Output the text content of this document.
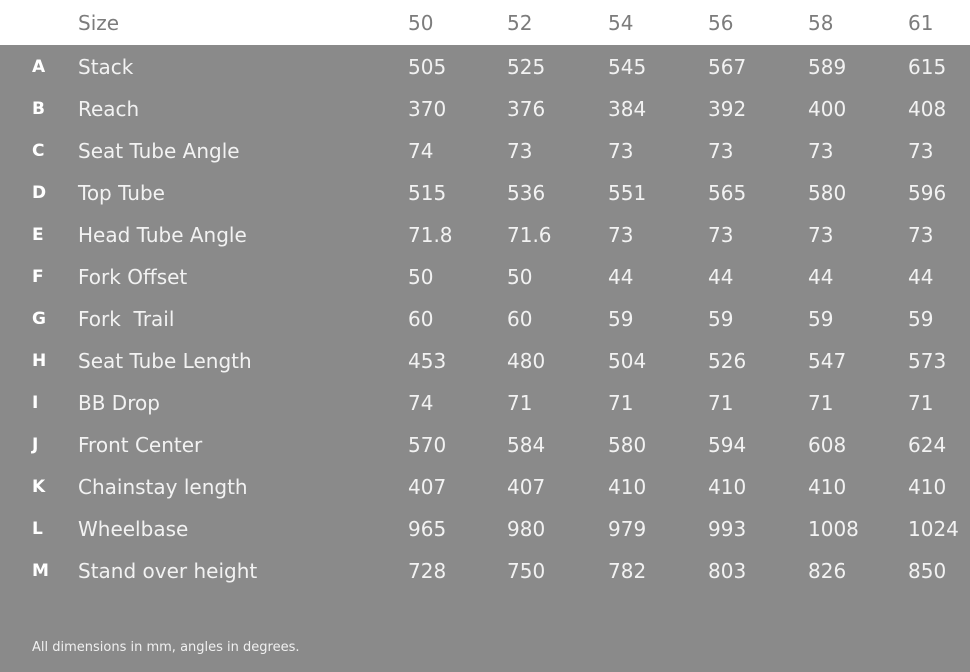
Size	50	52	54	56	58	61
A Stack	505	525	545	567	589	615
B Reach	370	376	384	392	400	408
C Seat Tube Angle	74	73	73	73	73	73
D Top Tube	515	536	551	565	580	596
E Head Tube Angle	71.8	71.6	73	73	73	73
F Fork Offset	50	50	44	44	44	44
G Fork  Trail	60	60	59	59	59	59
H Seat Tube Length	453	480	504	526	547	573
I BB Drop	74	71	71	71	71	71
J Front Center	570	584	580	594	608	624
K Chainstay length	407	407	410	410	410	410
L Wheelbase	965	980	979	993	1008 1024
M Stand over height	728	750	782	803	826	850
All dimensions in mm, angles in degrees.
